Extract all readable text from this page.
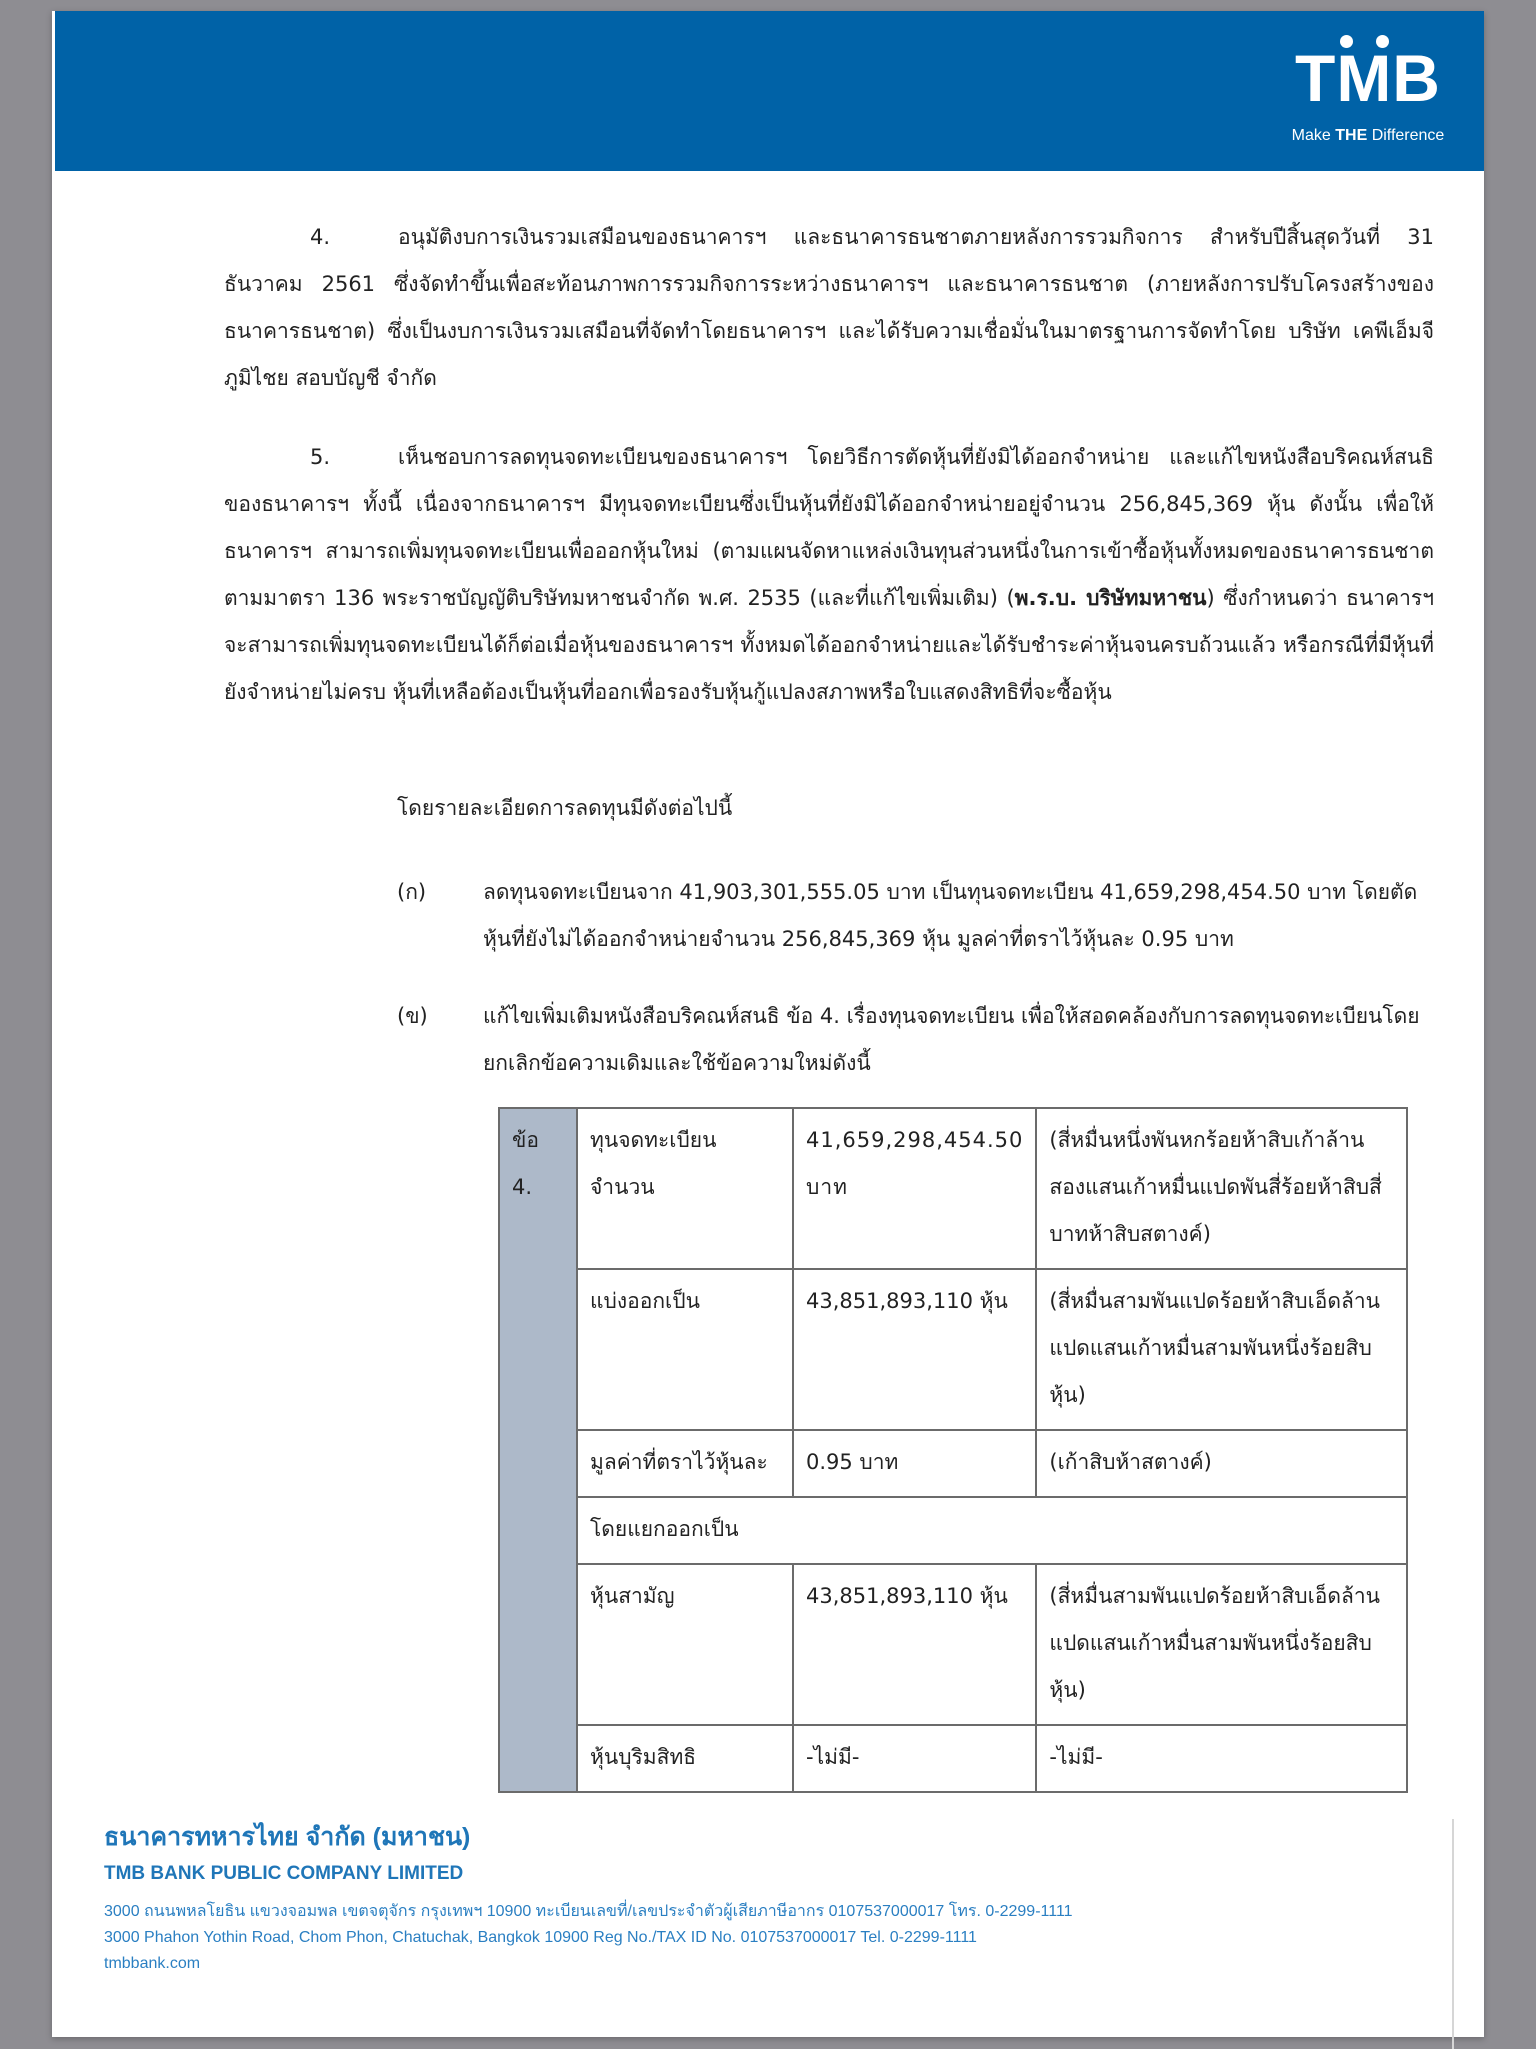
TMB
Make THE Difference

4.	อนุมัติงบการเงินรวมเสมือนของธนาคารฯ และธนาคารธนชาตภายหลังการรวมกิจการ สำหรับปีสิ้นสุดวันที่ 31 ธันวาคม 2561 ซึ่งจัดทำขึ้นเพื่อสะท้อนภาพการรวมกิจการระหว่างธนาคารฯ และธนาคารธนชาต (ภายหลังการปรับโครงสร้างของธนาคารธนชาต) ซึ่งเป็นงบการเงินรวมเสมือนที่จัดทำโดยธนาคารฯ และได้รับความเชื่อมั่นในมาตรฐานการจัดทำโดย บริษัท เคพีเอ็มจี ภูมิไชย สอบบัญชี จำกัด

5.	เห็นชอบการลดทุนจดทะเบียนของธนาคารฯ โดยวิธีการตัดหุ้นที่ยังมิได้ออกจำหน่าย และแก้ไขหนังสือบริคณห์สนธิของธนาคารฯ ทั้งนี้ เนื่องจากธนาคารฯ มีทุนจดทะเบียนซึ่งเป็นหุ้นที่ยังมิได้ออกจำหน่ายอยู่จำนวน 256,845,369 หุ้น ดังนั้น เพื่อให้ธนาคารฯ สามารถเพิ่มทุนจดทะเบียนเพื่อออกหุ้นใหม่ (ตามแผนจัดหาแหล่งเงินทุนส่วนหนึ่งในการเข้าซื้อหุ้นทั้งหมดของธนาคารธนชาต ตามมาตรา 136 พระราชบัญญัติบริษัทมหาชนจำกัด พ.ศ. 2535 (และที่แก้ไขเพิ่มเติม) (พ.ร.บ. บริษัทมหาชน) ซึ่งกำหนดว่า ธนาคารฯ จะสามารถเพิ่มทุนจดทะเบียนได้ก็ต่อเมื่อหุ้นของธนาคารฯ ทั้งหมดได้ออกจำหน่ายและได้รับชำระค่าหุ้นจนครบถ้วนแล้ว หรือกรณีที่มีหุ้นที่ยังจำหน่ายไม่ครบ หุ้นที่เหลือต้องเป็นหุ้นที่ออกเพื่อรองรับหุ้นกู้แปลงสภาพหรือใบแสดงสิทธิที่จะซื้อหุ้น

โดยรายละเอียดการลดทุนมีดังต่อไปนี้
(ก)	ลดทุนจดทะเบียนจาก 41,903,301,555.05 บาท เป็นทุนจดทะเบียน 41,659,298,454.50 บาท โดยตัดหุ้นที่ยังไม่ได้ออกจำหน่ายจำนวน 256,845,369 หุ้น มูลค่าที่ตราไว้หุ้นละ 0.95 บาท
(ข)	แก้ไขเพิ่มเติมหนังสือบริคณห์สนธิ ข้อ 4. เรื่องทุนจดทะเบียน เพื่อให้สอดคล้องกับการลดทุนจดทะเบียนโดยยกเลิกข้อความเดิมและใช้ข้อความใหม่ดังนี้
ข้อ 4.	ทุนจดทะเบียน จำนวน	41,659,298,454.50 บาท	(สี่หมื่นหนึ่งพันหกร้อยห้าสิบเก้าล้านสองแสนเก้าหมื่นแปดพันสี่ร้อยห้าสิบสี่บาทห้าสิบสตางค์)
	แบ่งออกเป็น	43,851,893,110 หุ้น	(สี่หมื่นสามพันแปดร้อยห้าสิบเอ็ดล้านแปดแสนเก้าหมื่นสามพันหนึ่งร้อยสิบหุ้น)
	มูลค่าที่ตราไว้หุ้นละ	0.95 บาท	(เก้าสิบห้าสตางค์)
	โดยแยกออกเป็น		
	หุ้นสามัญ	43,851,893,110 หุ้น	(สี่หมื่นสามพันแปดร้อยห้าสิบเอ็ดล้านแปดแสนเก้าหมื่นสามพันหนึ่งร้อยสิบหุ้น)
	หุ้นบุริมสิทธิ	-ไม่มี-	-ไม่มี-
ธนาคารทหารไทย จำกัด (มหาชน)
TMB BANK PUBLIC COMPANY LIMITED
3000 ถนนพหลโยธิน แขวงจอมพล เขตจตุจักร กรุงเทพฯ 10900 ทะเบียนเลขที่/เลขประจำตัวผู้เสียภาษีอากร 0107537000017 โทร. 0-2299-1111
3000 Phahon Yothin Road, Chom Phon, Chatuchak, Bangkok 10900 Reg No./TAX ID No. 0107537000017 Tel. 0-2299-1111
tmbbank.com
